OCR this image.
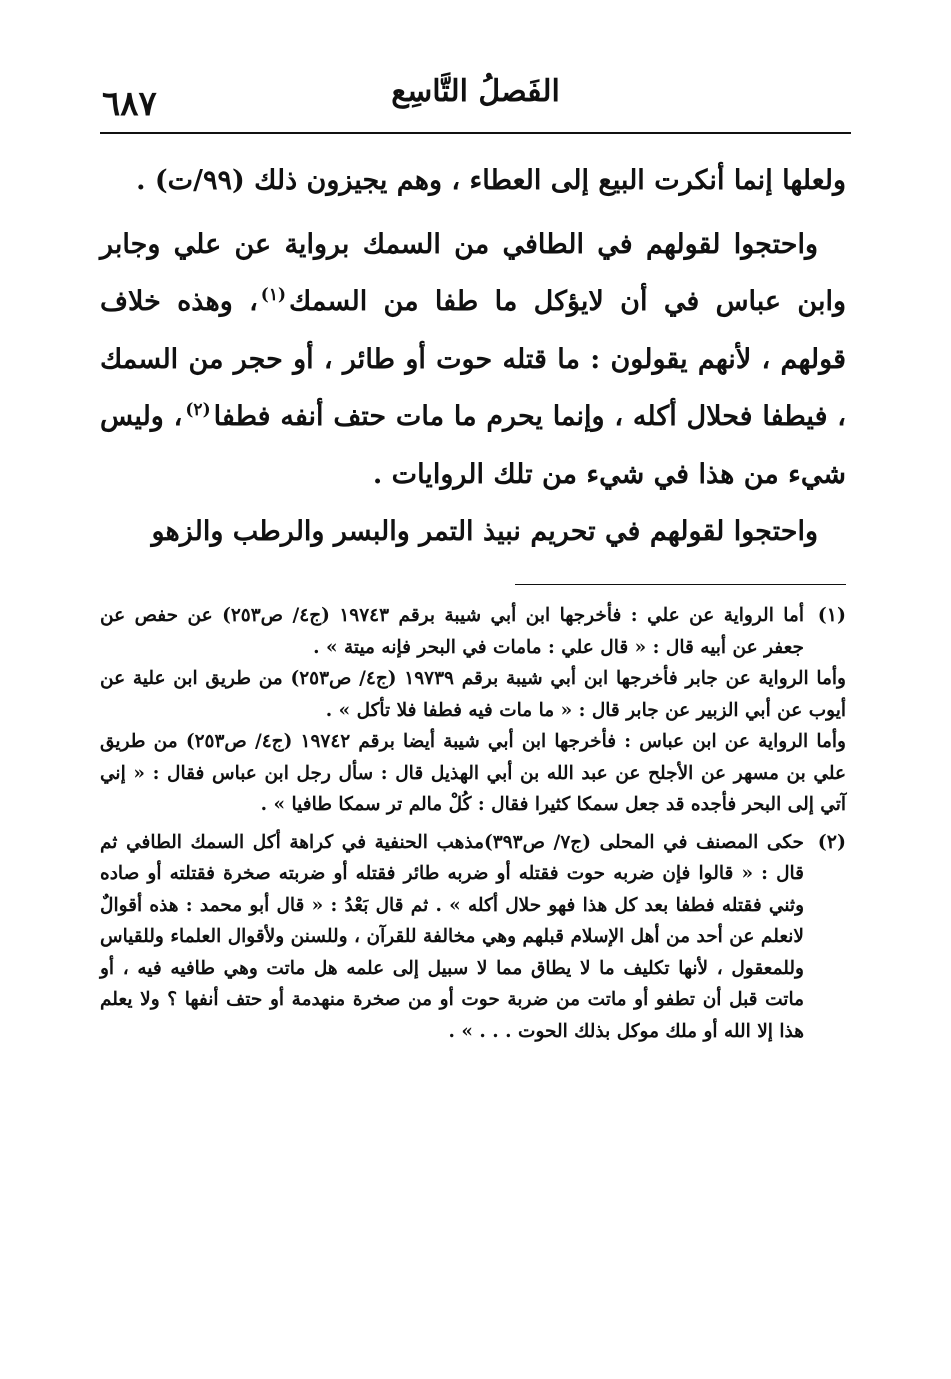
الفَصلُ التَّاسِع
٦٨٧

ولعلها إنما أنكرت البيع إلى العطاء ، وهم يجيزون ذلك (٩٩/ت) .

واحتجوا لقولهم في الطافي من السمك برواية عن علي وجابر وابن عباس في أن لايؤكل ما طفا من السمك$^{(١)}$، وهذه خلاف قولهم ، لأنهم يقولون : ما قتله حوت أو طائر ، أو حجر من السمك ، فيطفا فحلال أكله ، وإنما يحرم ما مات حتف أنفه فطفا$^{(٢)}$، وليس شيء من هذا في شيء من تلك الروايات .

واحتجوا لقولهم في تحريم نبيذ التمر والبسر والرطب والزهو

(١)

أما الرواية عن علي : فأخرجها ابن أبي شيبة برقم ١٩٧٤٣ (ج٤/ ص٢٥٣) عن حفص عن جعفر عن أبيه قال : « قال علي : مامات في البحر فإنه ميتة » .

وأما الرواية عن جابر فأخرجها ابن أبي شيبة برقم ١٩٧٣٩ (ج٤/ ص٢٥٣) من طريق ابن علية عن أيوب عن أبي الزبير عن جابر قال : « ما مات فيه فطفا فلا تأكل » .

وأما الرواية عن ابن عباس : فأخرجها ابن أبي شيبة أيضا برقم ١٩٧٤٢ (ج٤/ ص٢٥٣) من طريق علي بن مسهر عن الأجلح عن عبد الله بن أبي الهذيل قال : سأل رجل ابن عباس فقال : « إني آتي إلى البحر فأجده قد جعل سمكا كثيرا فقال : كُلْ مالم تر سمكا طافيا » .

(٢)

حكى المصنف في المحلى (ج٧/ ص٣٩٣)مذهب الحنفية في كراهة أكل السمك الطافي ثم قال : « قالوا فإن ضربه حوت فقتله أو ضربه طائر فقتله أو ضربته صخرة فقتلته أو صاده وثني فقتله فطفا بعد كل هذا فهو حلال أكله » . ثم قال بَعْدُ : « قال أبو محمد : هذه أقوالٌ لانعلم عن أحد من أهل الإسلام قبلهم وهي مخالفة للقرآن ، وللسنن ولأقوال العلماء وللقياس وللمعقول ، لأنها تكليف ما لا يطاق مما لا سبيل إلى علمه هل ماتت وهي طافيه فيه ، أو ماتت قبل أن تطفو أو ماتت من ضربة حوت أو من صخرة منهدمة أو حتف أنفها ؟ ولا يعلم هذا إلا الله أو ملك موكل بذلك الحوت . . . » .
